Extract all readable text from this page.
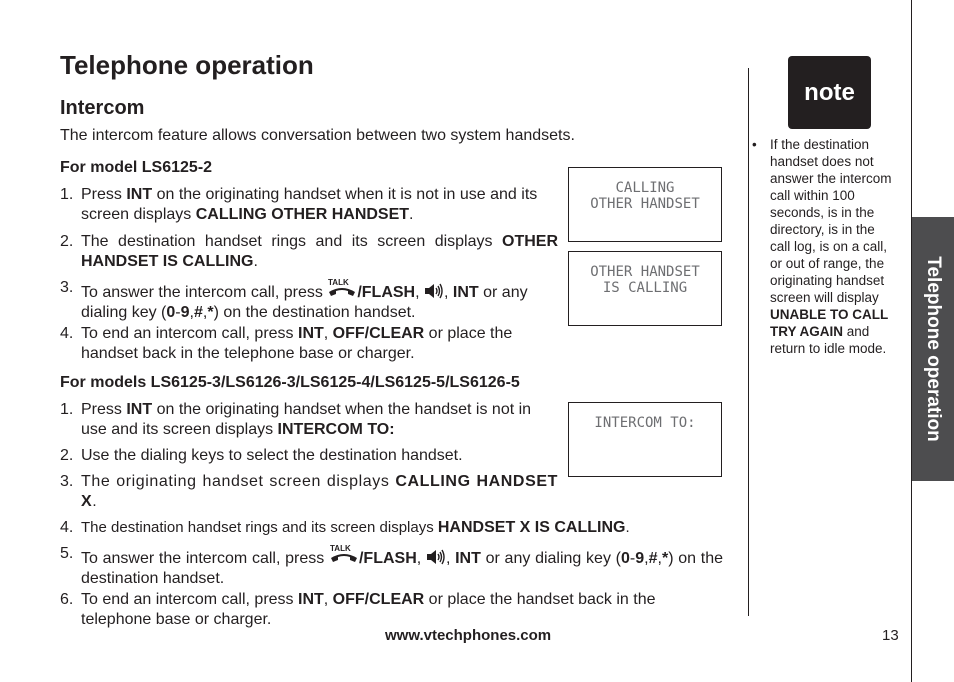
Telephone operation
Intercom
The intercom feature allows conversation between two system handsets.
For model LS6125-2
1. Press INT on the originating handset when it is not in use and its screen displays CALLING OTHER HANDSET.
2. The destination handset rings and its screen displays OTHER HANDSET IS CALLING.
3. To answer the intercom call, press
TALK
/FLASH, , INT or any dialing key (0-9,#,*) on the destination handset.
4. To end an intercom call, press INT, OFF/CLEAR or place the handset back in the telephone base or charger.
CALLING
OTHER HANDSET
OTHER HANDSET
IS CALLING
INTERCOM TO:
For models LS6125-3/LS6126-3/LS6125-4/LS6125-5/LS6126-5
1. Press INT on the originating handset when the handset is not in use and its screen displays INTERCOM TO:
2. Use the dialing keys to select the destination handset.
3. The originating handset screen displays CALLING HANDSET X.
4. The destination handset rings and its screen displays HANDSET X IS CALLING.
5. To answer the intercom call, press
TALK
/FLASH, , INT or any dialing key (0-9,#,*) on the destination handset.
6. To end an intercom call, press INT, OFF/CLEAR or place the handset back in the telephone base or charger.
note
• If the destination handset does not answer the intercom call within 100 seconds, is in the directory, is in the call log, is on a call, or out of range, the originating handset screen will display UNABLE TO CALL TRY AGAIN and return to idle mode. Telephone operation
www.vtechphones.com	13
